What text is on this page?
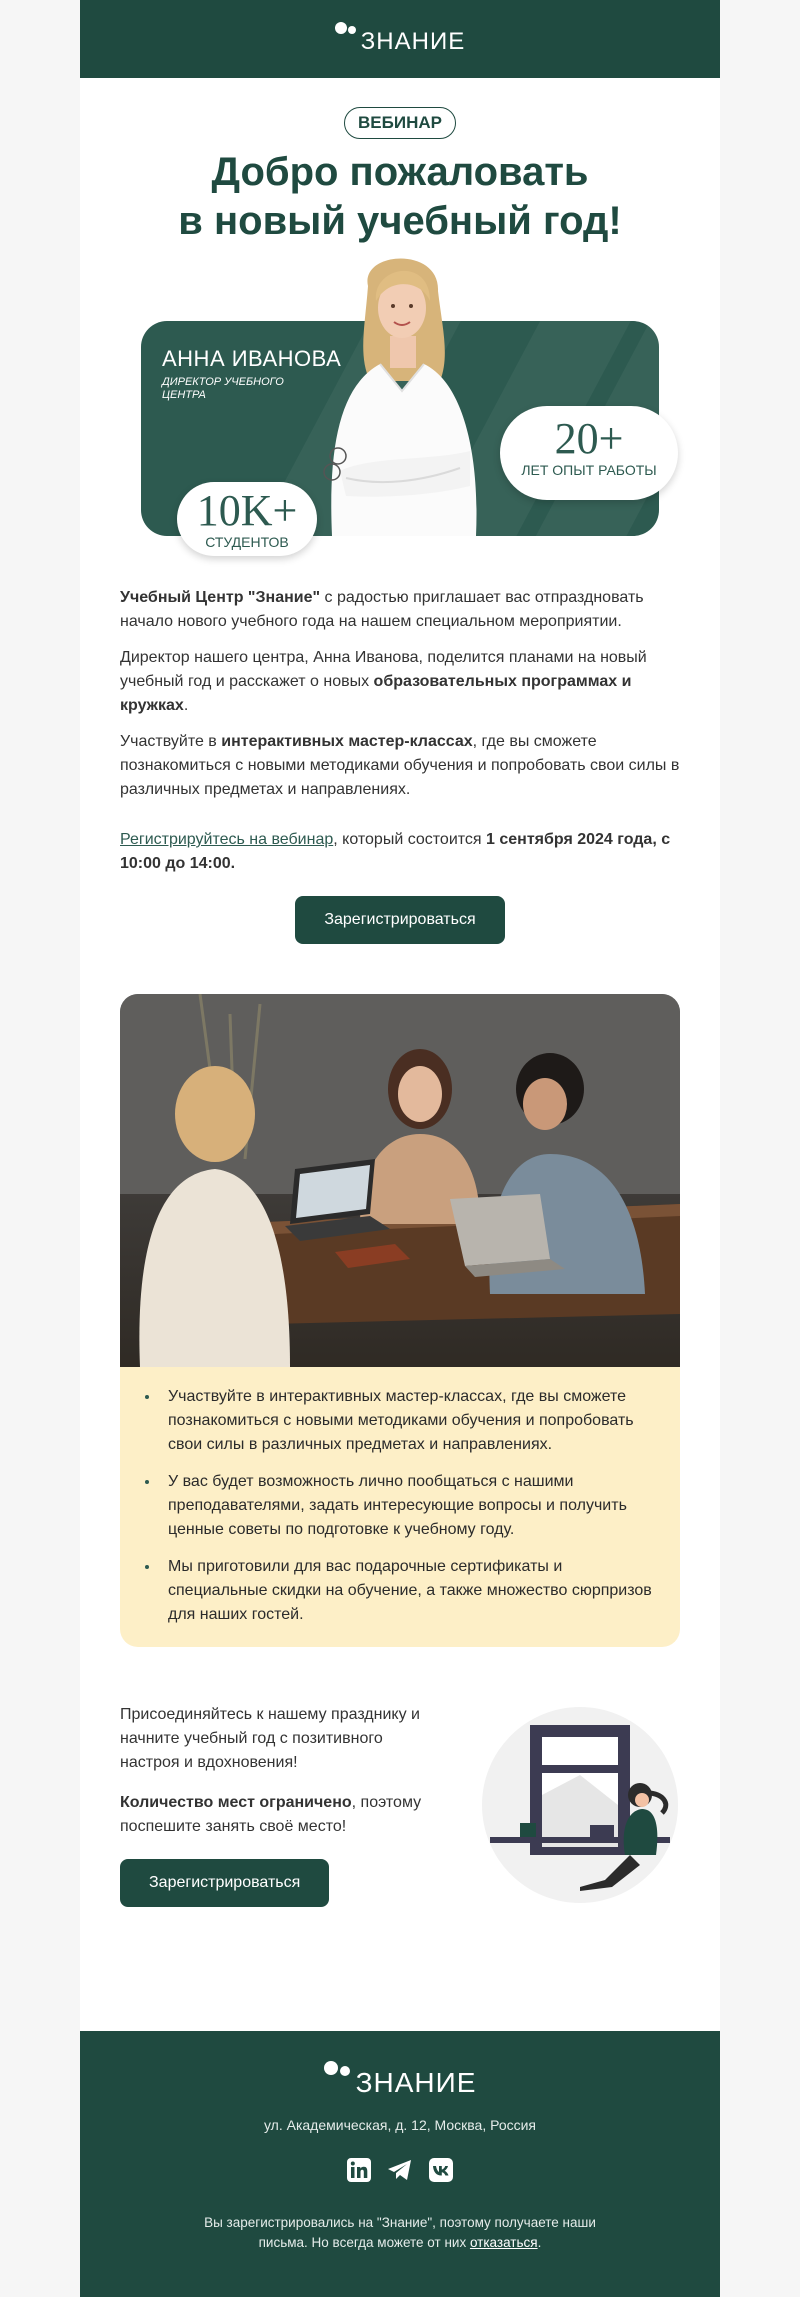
ЗНАНИЕ
ВЕБИНАР
Добро пожаловать
в новый учебный год!
АННА ИВАНОВА
ДИРЕКТОР УЧЕБНОГО ЦЕНТРА
10K+
СТУДЕНТОВ
20+
ЛЕТ ОПЫТ РАБОТЫ

Учебный Центр "Знание" с радостью приглашает вас отпраздновать начало нового учебного года на нашем специальном мероприятии.

Директор нашего центра, Анна Иванова, поделится планами на новый учебный год и расскажет о новых образовательных программах и кружках.

Участвуйте в интерактивных мастер-классах, где вы сможете познакомиться с новыми методиками обучения и попробовать свои силы в различных предметах и направлениях.

Регистрируйтесь на вебинар, который состоится 1 сентября 2024 года, с 10:00 до 14:00.

Зарегистрироваться
• Участвуйте в интерактивных мастер-классах, где вы сможете познакомиться с новыми методиками обучения и попробовать свои силы в различных предметах и направлениях.
• У вас будет возможность лично пообщаться с нашими преподавателями, задать интересующие вопросы и получить ценные советы по подготовке к учебному году.
• Мы приготовили для вас подарочные сертификаты и специальные скидки на обучение, а также множество сюрпризов для наших гостей.

Присоединяйтесь к нашему празднику и начните учебный год с позитивного настроя и вдохновения!

Количество мест ограничено, поэтому поспешите занять своё место!

Зарегистрироваться
ЗНАНИЕ
ул. Академическая, д. 12, Москва, Россия
Вы зарегистрировались на "Знание", поэтому получаете наши письма. Но всегда можете от них отказаться.
